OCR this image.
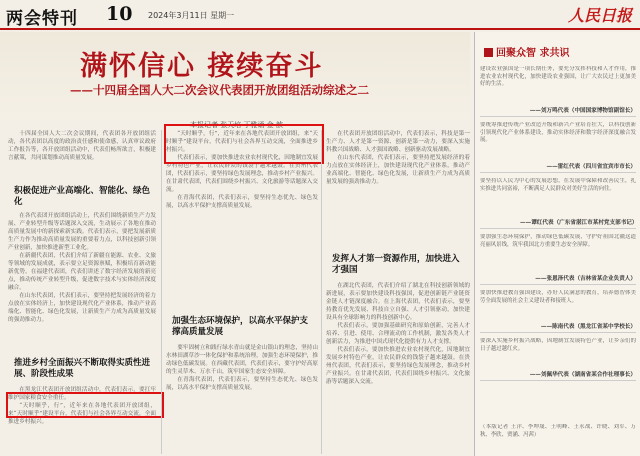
两会特刊 10 2024年3月11日 星期一	人民日报
满怀信心 接续奋斗
——十四届全国人大二次会议代表团开放团组活动综述之二
本报记者 张天培 丁雅诵 金 歆

十四届全国人大二次会议期间，代表团各开放团组活动，各代表团以高度的政治责任感和使命感，认真审议政府工作报告等，各开放团组活动中，代表们畅所欲言，积极建言献策，共同谋划推动高质量发展。

积极促进产业高端化、智能化、绿色化

在各代表团开放团组活动上，代表们围绕新质生产力发展、产业转型升级等话题深入交流，生动展示了各地在推动高质量发展中的新探索新实践。代表们表示，要把发展新质生产力作为推动高质量发展的重要着力点，以科技创新引领产业创新，加快推进新型工业化。

在新疆代表团，代表们介绍了新疆在能源、农业、文旅等领域的发展成就，表示要立足资源禀赋，积极培育新动能新优势。在福建代表团，代表们讲述了数字经济发展的新亮点，推动传统产业转型升级，促进数字技术与实体经济深度融合。

在山东代表团，代表们表示，要坚持把发展经济的着力点放在实体经济上，加快建设现代化产业体系，推动产业高端化、智能化、绿色化发展，让新质生产力成为高质量发展的强劲推动力。

推进乡村全面振兴不断取得实质性进展、阶段性成果

在黑龙江代表团开放团组活动中，代表们表示，要扛牢维护国家粮食安全重任。

“天时顺乎，行”，近年来在各地代表团开放团组，来“天时顺乎”建设平台，代表们与社会各界互动交流，全面推进乡村振兴。

“天时顺乎，行”，近年来在各地代表团开放团组，来“天时顺乎”建设平台，代表们与社会各界互动交流，全面推进乡村振兴。

代表们表示，要加快推进农业农村现代化，因地制宜发展乡村特色产业，让农民群众的钱袋子越来越鼓。在贵州代表团，代表们表示，要坚持绿色发展理念，推动乡村产业振兴。在甘肃代表团，代表们围绕乡村振兴、文化旅游等话题深入交流。

在青海代表团，代表们表示，要坚持生态优先、绿色发展，以高水平保护支撑高质量发展。

加强生态环境保护，以高水平保护支撑高质量发展

要牢固树立和践行绿水青山就是金山银山的理念，坚持山水林田湖草沙一体化保护和系统治理，加强生态环境保护，推动绿色低碳发展。在西藏代表团，代表们表示，要守护好高原的生灵草木、万水千山，筑牢国家生态安全屏障。

在青海代表团，代表们表示，要坚持生态优先、绿色发展，以高水平保护支撑高质量发展。

在代表团开放团组活动中，代表们表示，科技是第一生产力、人才是第一资源、创新是第一动力，要深入实施科教兴国战略、人才强国战略、创新驱动发展战略。

在山东代表团，代表们表示，要坚持把发展经济的着力点放在实体经济上，加快建设现代化产业体系，推动产业高端化、智能化、绿色化发展，让新质生产力成为高质量发展的强劲推动力。

发挥人才第一资源作用，加快进入才强国

在湖北代表团，代表们介绍了湖北在科技创新领域的新进展，表示要加快建设科技强国，促进创新链产业链资金链人才链深度融合。在上海代表团，代表们表示，要坚持教育优先发展、科技自立自强、人才引领驱动，加快建设具有全球影响力的科技创新中心。

代表们表示，要加强基础研究和原始创新，完善人才培养、引进、使用、合理流动的工作机制，激发各类人才创新活力，为推进中国式现代化提供有力人才支撑。

代表们表示，要加快推进农业农村现代化，因地制宜发展乡村特色产业，让农民群众的钱袋子越来越鼓。在贵州代表团，代表们表示，要坚持绿色发展理念，推动乡村产业振兴。在甘肃代表团，代表们围绕乡村振兴、文化旅游等话题深入交流。

回聚众智 求共识
建设农业强国是一项长期任务，要充分发挥科技和人才作用，推进农业农村现代化，加快建设农业强国，让广大农民过上更加美好的生活。
——刘万鸣代表（中国国家博物馆副馆长）
要统筹推进传统产业改造升级和新兴产业培育壮大，以科技创新引领现代化产业体系建设，推动实体经济和数字经济深度融合发展。
——雷红代表（四川省宜宾市市长）
要坚持以人民为中心的发展思想，在发展中保障和改善民生，扎实推进共同富裕，不断满足人民群众对美好生活的向往。
——谭红代表（广东省湛江市某村党支部书记）
要加强生态环境保护，推动绿色低碳发展，守护好祖国北疆这道亮丽风景线，筑牢我国北方重要生态安全屏障。
——张恩泽代表（吉林省某企业负责人）
要加快推进教育强国建设，办好人民满意的教育，培养德智体美劳全面发展的社会主义建设者和接班人。
——陈南代表（黑龙江省某中学校长）
要深入实施乡村振兴战略，因地制宜发展特色产业，让乡亲们的日子越过越红火。
——刘佩华代表（湖南省某合作社理事长）
（本版记者 王洋、李坤晟、王明峰、王永战、许晓、刘军、万秋、李欣、贾涵、冯茜）
